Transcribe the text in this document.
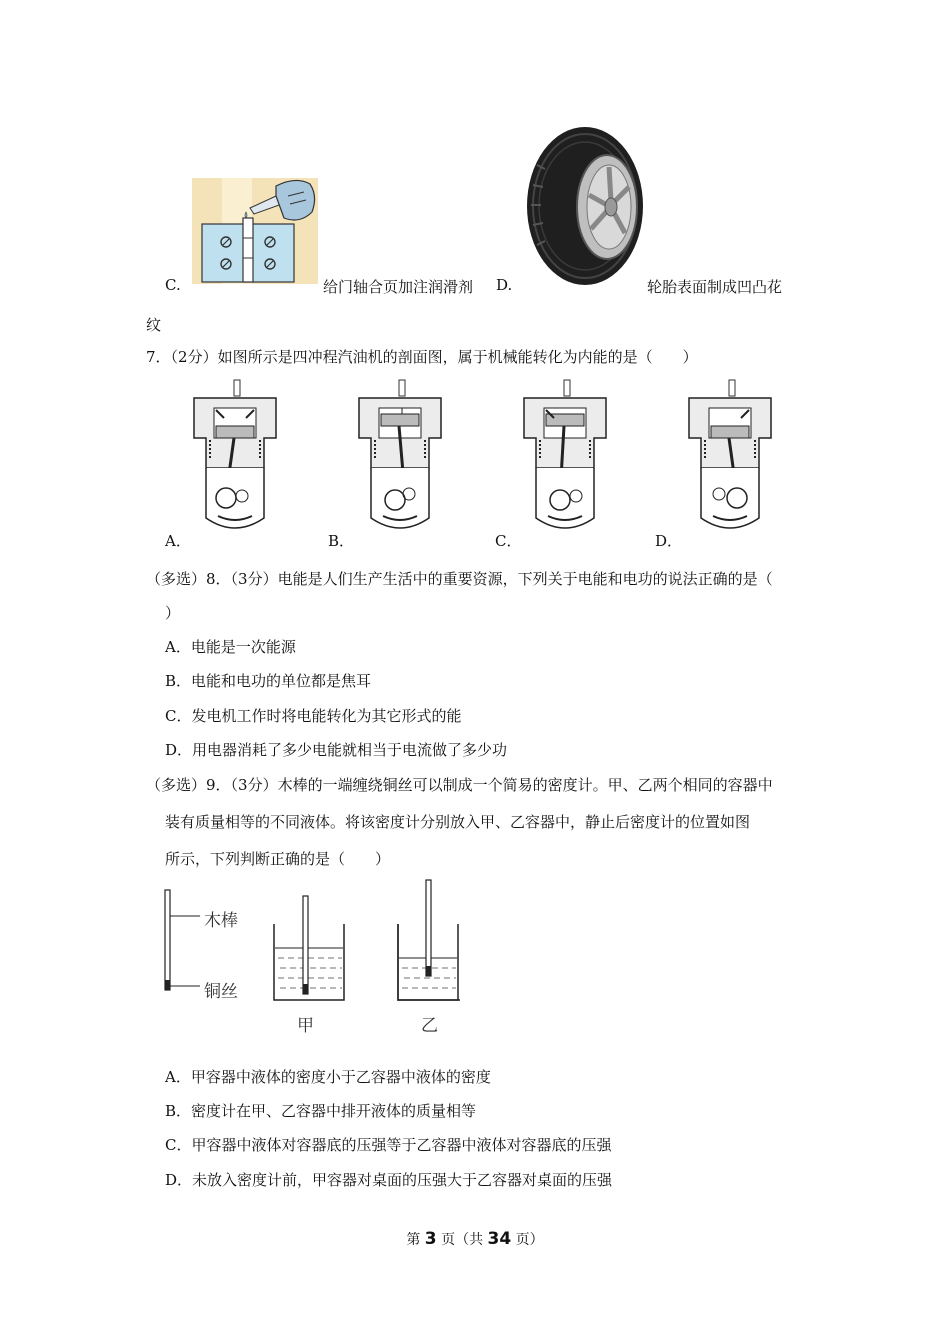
C.	给门轴合页加注润滑剂 D.	轮胎表面制成凹凸花
纹
7．（2分）如图所示是四冲程汽油机的剖面图，属于机械能转化为内能的是（　　）
A．	B．	C．	D．
（多选）8．（3分）电能是人们生产生活中的重要资源，下列关于电能和电功的说法正确的是（
）
A．电能是一次能源
B．电能和电功的单位都是焦耳
C．发电机工作时将电能转化为其它形式的能
D．用电器消耗了多少电能就相当于电流做了多少功
（多选）9．（3分）木棒的一端缠绕铜丝可以制成一个简易的密度计。甲、乙两个相同的容器中
装有质量相等的不同液体。将该密度计分别放入甲、乙容器中，静止后密度计的位置如图
所示，下列判断正确的是（　　）
木棒
铜丝
甲	乙
A．甲容器中液体的密度小于乙容器中液体的密度
B．密度计在甲、乙容器中排开液体的质量相等
C．甲容器中液体对容器底的压强等于乙容器中液体对容器底的压强
D．未放入密度计前，甲容器对桌面的压强大于乙容器对桌面的压强
第 3 页（共 34 页）
